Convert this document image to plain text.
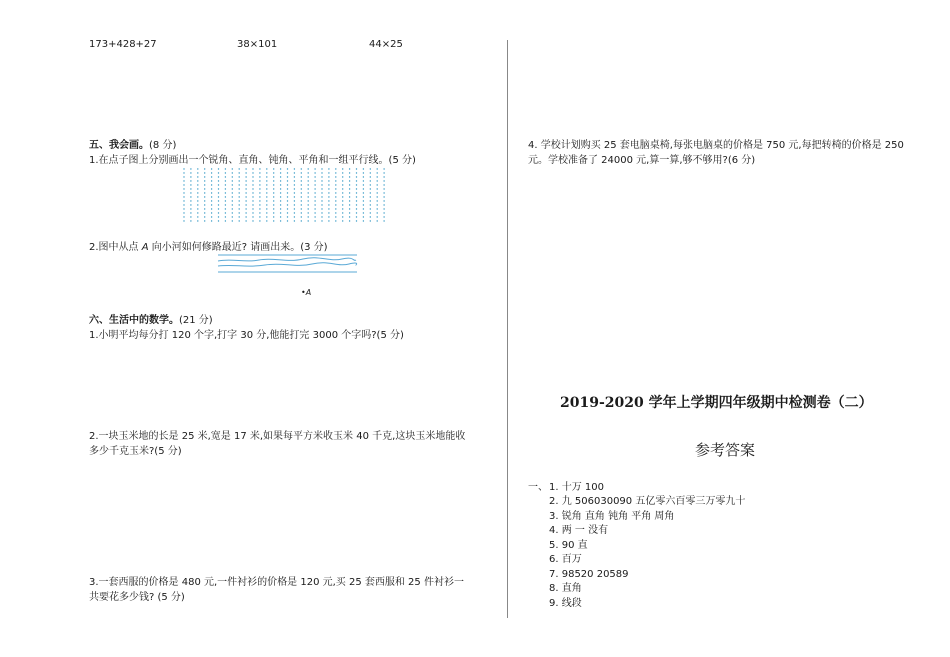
173+428+27	38×101	44×25
五、我会画。(8 分)
1.在点子图上分别画出一个锐角、直角、钝角、平角和一组平行线。(5 分)
2.图中从点 A 向小河如何修路最近? 请画出来。(3 分)
•A
六、生活中的数学。(21 分)
1.小明平均每分打 120 个字,打字 30 分,他能打完 3000 个字吗?(5 分)
2.一块玉米地的长是 25 米,宽是 17 米,如果每平方米收玉米 40 千克,这块玉米地能收
多少千克玉米?(5 分)
3.一套西服的价格是 480 元,一件衬衫的价格是 120 元,买 25 套西服和 25 件衬衫一
共要花多少钱? (5 分)
4. 学校计划购买 25 套电脑桌椅,每张电脑桌的价格是 750 元,每把转椅的价格是 250
元。学校准备了 24000 元,算一算,够不够用?(6 分)
2019-2020 学年上学期四年级期中检测卷（二）
参考答案
一、 1. 十万 100
2. 九 506030090 五亿零六百零三万零九十
3. 锐角 直角 钝角 平角 周角
4. 两 一 没有
5. 90 直
6. 百万
7. 98520 20589
8. 直角
9. 线段
